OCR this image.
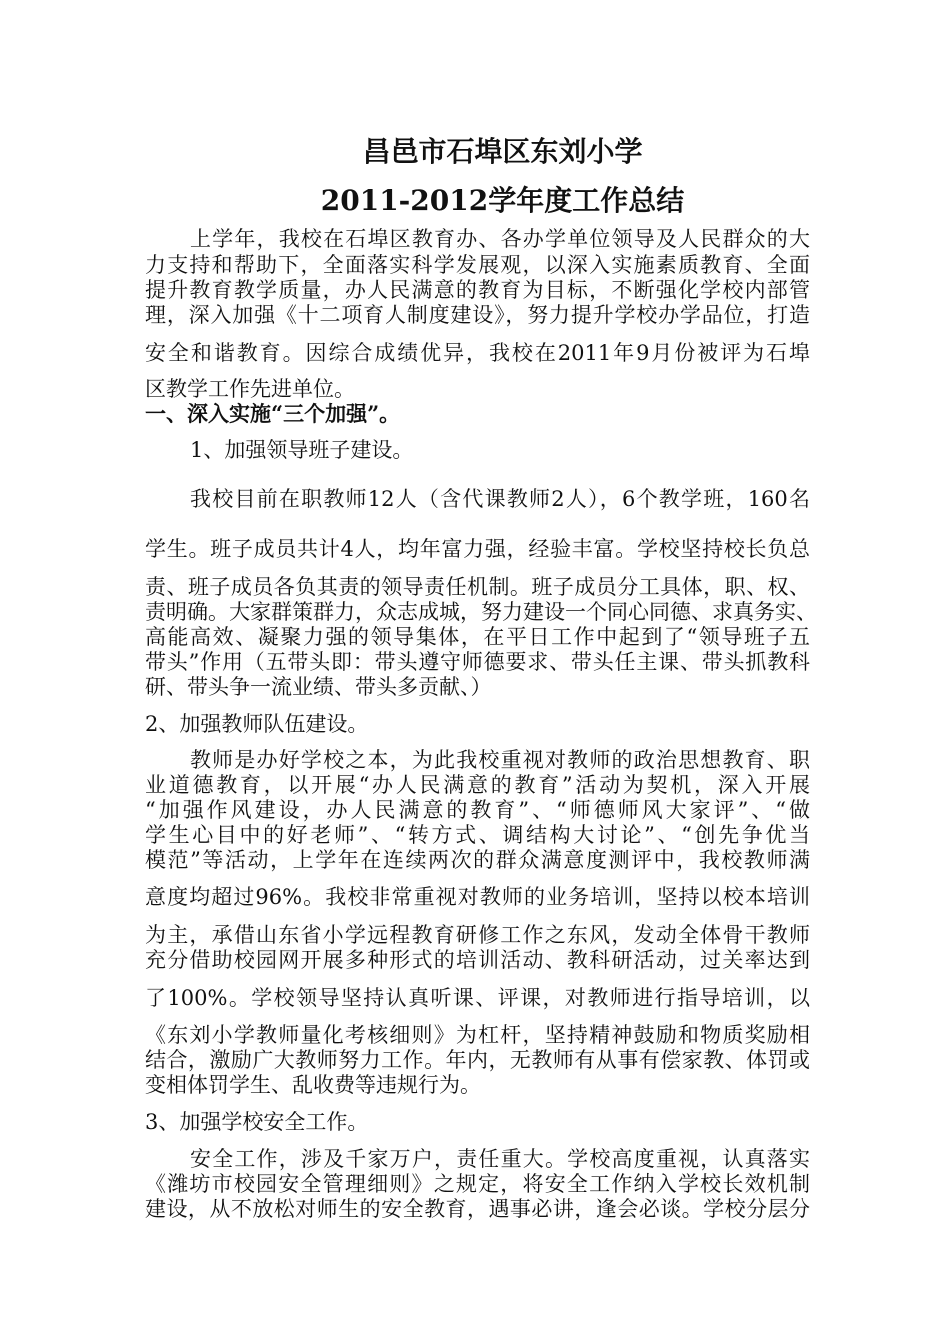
昌邑市石埠区东刘小学
2011-2012学年度工作总结

上学年，我校在石埠区教育办、各办学单位领导及人民群众的大

力支持和帮助下，全面落实科学发展观，以深入实施素质教育、全面

提升教育教学质量，办人民满意的教育为目标，不断强化学校内部管

理，深入加强《十二项育人制度建设》，努力提升学校办学品位，打造

安全和谐教育。因综合成绩优异，我校在2011年9月份被评为石埠

区教学工作先进单位。

一、深入实施“三个加强”。

1、加强领导班子建设。

我校目前在职教师12人（含代课教师2人），6个教学班，160名

学生。班子成员共计4人，均年富力强，经验丰富。学校坚持校长负总

责、班子成员各负其责的领导责任机制。班子成员分工具体，职、权、

责明确。大家群策群力，众志成城，努力建设一个同心同德、求真务实、

高能高效、凝聚力强的领导集体，在平日工作中起到了“领导班子五

带头”作用（五带头即：带头遵守师德要求、带头任主课、带头抓教科

研、带头争一流业绩、带头多贡献、）

2、加强教师队伍建设。

教师是办好学校之本，为此我校重视对教师的政治思想教育、职

业道德教育，以开展“办人民满意的教育”活动为契机，深入开展

“加强作风建设，办人民满意的教育”、“师德师风大家评”、“做

学生心目中的好老师”、“转方式、调结构大讨论”、“创先争优当

模范”等活动，上学年在连续两次的群众满意度测评中，我校教师满

意度均超过96%。我校非常重视对教师的业务培训，坚持以校本培训

为主，承借山东省小学远程教育研修工作之东风，发动全体骨干教师

充分借助校园网开展多种形式的培训活动、教科研活动，过关率达到

了100%。学校领导坚持认真听课、评课，对教师进行指导培训，以

《东刘小学教师量化考核细则》为杠杆，坚持精神鼓励和物质奖励相

结合，激励广大教师努力工作。年内，无教师有从事有偿家教、体罚或

变相体罚学生、乱收费等违规行为。

3、加强学校安全工作。

安全工作，涉及千家万户，责任重大。学校高度重视，认真落实

《潍坊市校园安全管理细则》之规定，将安全工作纳入学校长效机制

建设，从不放松对师生的安全教育，遇事必讲，逢会必谈。学校分层分
